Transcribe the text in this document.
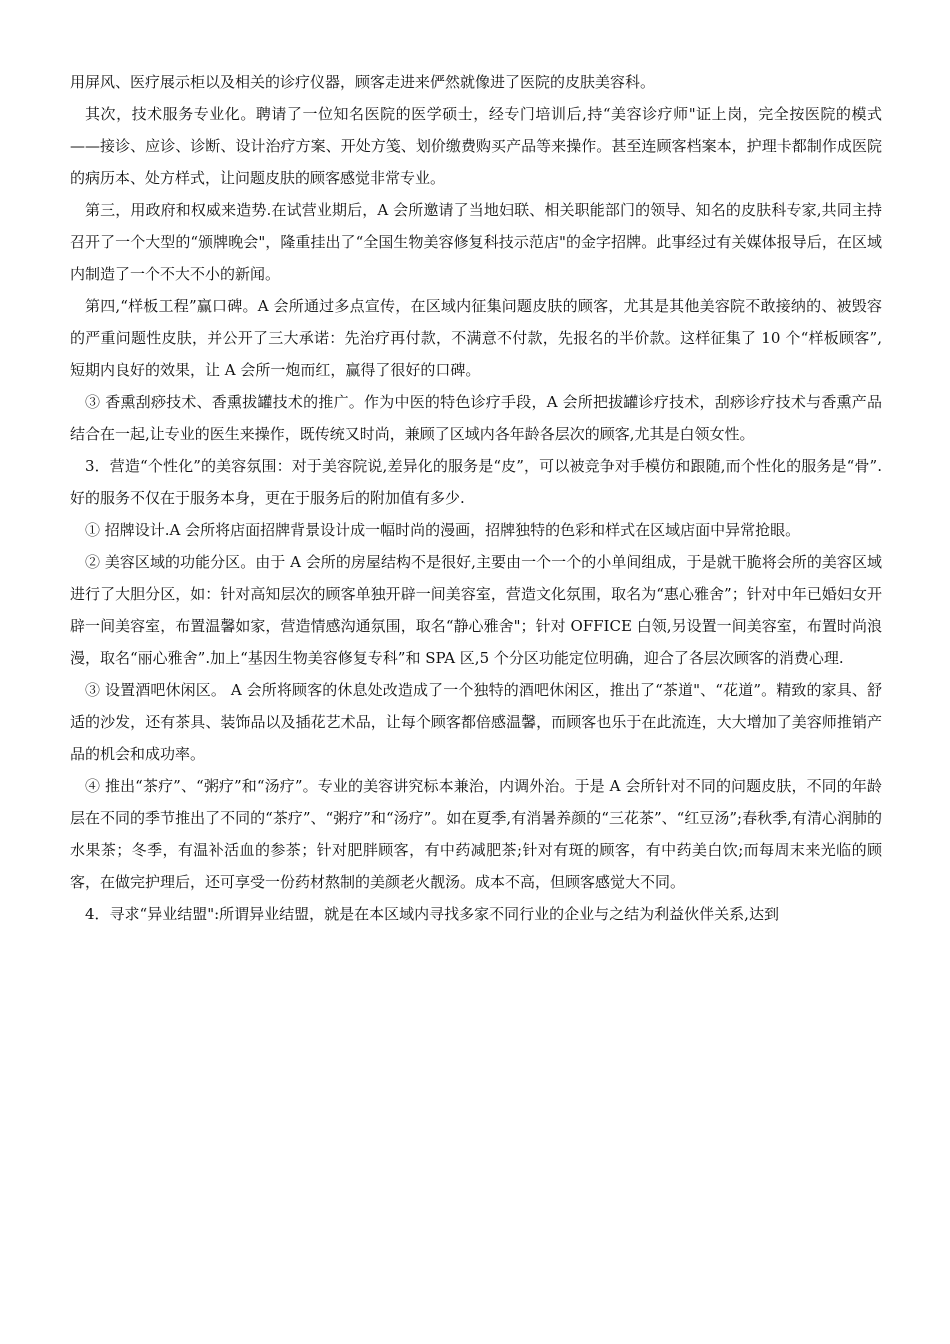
用屏风、医疗展示柜以及相关的诊疗仪器，顾客走进来俨然就像进了医院的皮肤美容科。

其次，技术服务专业化。聘请了一位知名医院的医学硕士，经专门培训后,持“美容诊疗师"证上岗，完全按医院的模式——接诊、应诊、诊断、设计治疗方案、开处方笺、划价缴费购买产品等来操作。甚至连顾客档案本，护理卡都制作成医院的病历本、处方样式，让问题皮肤的顾客感觉非常专业。

第三，用政府和权威来造势.在试营业期后，A 会所邀请了当地妇联、相关职能部门的领导、知名的皮肤科专家,共同主持召开了一个大型的“颁牌晚会"，隆重挂出了“全国生物美容修复科技示范店"的金字招牌。此事经过有关媒体报导后，在区域内制造了一个不大不小的新闻。

第四,“样板工程”赢口碑。A 会所通过多点宣传，在区域内征集问题皮肤的顾客，尤其是其他美容院不敢接纳的、被毁容的严重问题性皮肤，并公开了三大承诺：先治疗再付款，不满意不付款，先报名的半价款。这样征集了 10 个“样板顾客”,短期内良好的效果，让 A 会所一炮而红，赢得了很好的口碑。

③ 香熏刮痧技术、香熏拔罐技术的推广。作为中医的特色诊疗手段，A 会所把拔罐诊疗技术，刮痧诊疗技术与香熏产品结合在一起,让专业的医生来操作，既传统又时尚，兼顾了区域内各年龄各层次的顾客,尤其是白领女性。

3．营造“个性化”的美容氛围：对于美容院说,差异化的服务是“皮”，可以被竞争对手模仿和跟随,而个性化的服务是“骨”.好的服务不仅在于服务本身，更在于服务后的附加值有多少.

① 招牌设计.A 会所将店面招牌背景设计成一幅时尚的漫画，招牌独特的色彩和样式在区域店面中异常抢眼。

② 美容区域的功能分区。由于 A 会所的房屋结构不是很好,主要由一个一个的小单间组成，于是就干脆将会所的美容区域进行了大胆分区，如：针对高知层次的顾客单独开辟一间美容室，营造文化氛围，取名为“惠心雅舍”；针对中年已婚妇女开辟一间美容室，布置温馨如家，营造情感沟通氛围，取名“静心雅舍"；针对 OFFICE 白领,另设置一间美容室，布置时尚浪漫，取名“丽心雅舍”.加上“基因生物美容修复专科”和 SPA 区,5 个分区功能定位明确，迎合了各层次顾客的消费心理.

③ 设置酒吧休闲区。 A 会所将顾客的休息处改造成了一个独特的酒吧休闲区，推出了“茶道"、“花道”。精致的家具、舒适的沙发，还有茶具、装饰品以及插花艺术品，让每个顾客都倍感温馨，而顾客也乐于在此流连，大大增加了美容师推销产品的机会和成功率。

④ 推出“茶疗”、“粥疗”和“汤疗”。专业的美容讲究标本兼治，内调外治。于是 A 会所针对不同的问题皮肤，不同的年龄层在不同的季节推出了不同的“茶疗”、“粥疗”和“汤疗”。如在夏季,有消暑养颜的“三花茶”、“红豆汤”;春秋季,有清心润肺的水果茶；冬季，有温补活血的参茶；针对肥胖顾客，有中药减肥茶;针对有斑的顾客，有中药美白饮;而每周末来光临的顾客，在做完护理后，还可享受一份药材熬制的美颜老火靓汤。成本不高，但顾客感觉大不同。

4．寻求“异业结盟":所谓异业结盟，就是在本区域内寻找多家不同行业的企业与之结为利益伙伴关系,达到
